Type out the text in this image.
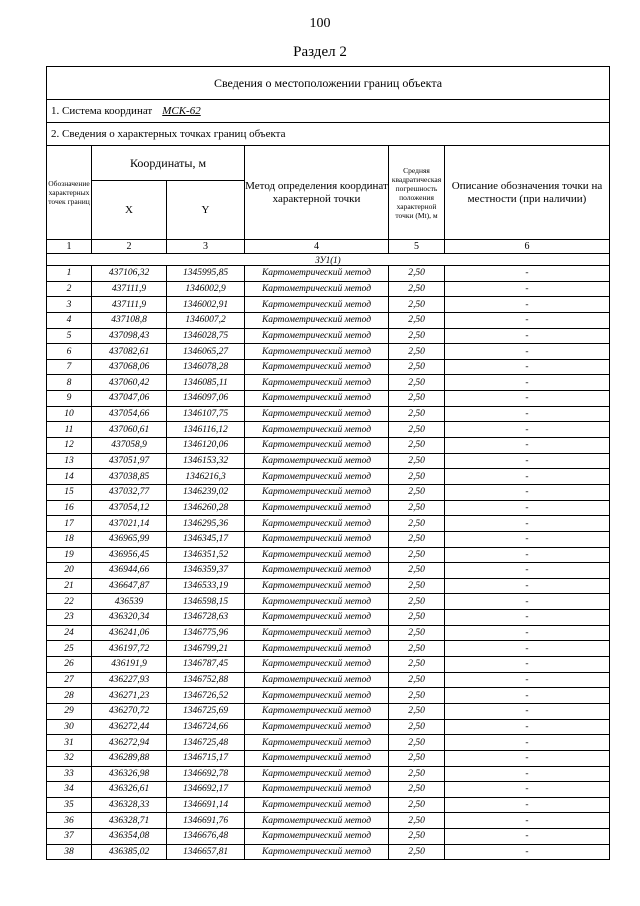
100
Раздел 2
Сведения о местоположении границ объекта					
1. Система координат МСК-62					
2. Сведения о характерных точках границ объекта					
Обозначение характерных точек границ	Координаты, м		Метод определения координат характерной точки	Средняя квадратическая погрешность положения характерной точки (Mt), м	Описание обозначения точки на местности (при наличии)
	X	Y			
1	2	3	4	5	6
ЗУ1(1)					
1	437106,32	1345995,85	Картометрический метод	2,50	-
2	437111,9	1346002,9	Картометрический метод	2,50	-
3	437111,9	1346002,91	Картометрический метод	2,50	-
4	437108,8	1346007,2	Картометрический метод	2,50	-
5	437098,43	1346028,75	Картометрический метод	2,50	-
6	437082,61	1346065,27	Картометрический метод	2,50	-
7	437068,06	1346078,28	Картометрический метод	2,50	-
8	437060,42	1346085,11	Картометрический метод	2,50	-
9	437047,06	1346097,06	Картометрический метод	2,50	-
10	437054,66	1346107,75	Картометрический метод	2,50	-
11	437060,61	1346116,12	Картометрический метод	2,50	-
12	437058,9	1346120,06	Картометрический метод	2,50	-
13	437051,97	1346153,32	Картометрический метод	2,50	-
14	437038,85	1346216,3	Картометрический метод	2,50	-
15	437032,77	1346239,02	Картометрический метод	2,50	-
16	437054,12	1346260,28	Картометрический метод	2,50	-
17	437021,14	1346295,36	Картометрический метод	2,50	-
18	436965,99	1346345,17	Картометрический метод	2,50	-
19	436956,45	1346351,52	Картометрический метод	2,50	-
20	436944,66	1346359,37	Картометрический метод	2,50	-
21	436647,87	1346533,19	Картометрический метод	2,50	-
22	436539	1346598,15	Картометрический метод	2,50	-
23	436320,34	1346728,63	Картометрический метод	2,50	-
24	436241,06	1346775,96	Картометрический метод	2,50	-
25	436197,72	1346799,21	Картометрический метод	2,50	-
26	436191,9	1346787,45	Картометрический метод	2,50	-
27	436227,93	1346752,88	Картометрический метод	2,50	-
28	436271,23	1346726,52	Картометрический метод	2,50	-
29	436270,72	1346725,69	Картометрический метод	2,50	-
30	436272,44	1346724,66	Картометрический метод	2,50	-
31	436272,94	1346725,48	Картометрический метод	2,50	-
32	436289,88	1346715,17	Картометрический метод	2,50	-
33	436326,98	1346692,78	Картометрический метод	2,50	-
34	436326,61	1346692,17	Картометрический метод	2,50	-
35	436328,33	1346691,14	Картометрический метод	2,50	-
36	436328,71	1346691,76	Картометрический метод	2,50	-
37	436354,08	1346676,48	Картометрический метод	2,50	-
38	436385,02	1346657,81	Картометрический метод	2,50	-
